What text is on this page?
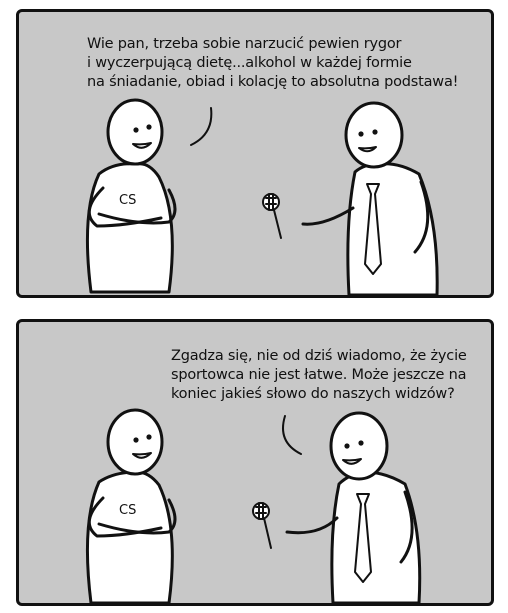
Wie pan, trzeba sobie narzucić pewien rygor
i wyczerpującą dietę...alkohol w każdej formie
na śniadanie, obiad i kolację to absolutna podstawa!
CS
Zgadza się, nie od dziś wiadomo, że życie
sportowca nie jest łatwe. Może jeszcze na
koniec jakieś słowo do naszych widzów?
CS
